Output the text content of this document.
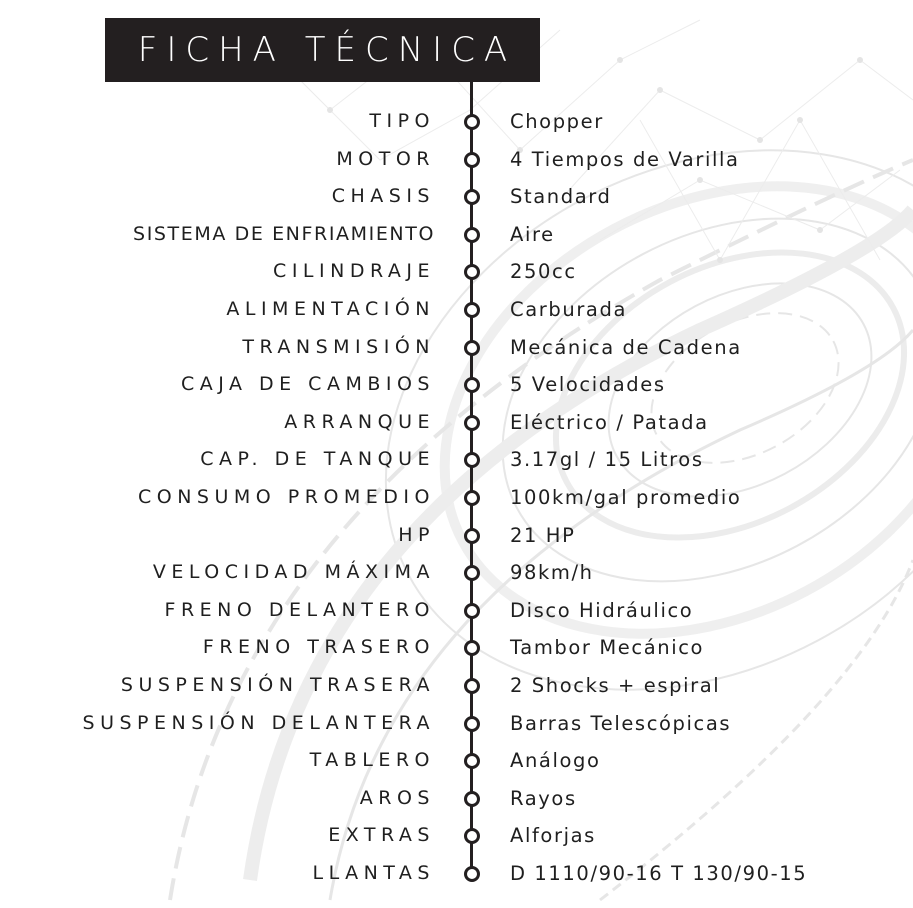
FICHA TÉCNICA
TIPO	Chopper
MOTOR	4 Tiempos de Varilla
CHASIS	Standard
SISTEMA DE ENFRIAMIENTO	Aire
CILINDRAJE	250cc
ALIMENTACIÓN	Carburada
TRANSMISIÓN	Mecánica de Cadena
CAJA DE CAMBIOS	5 Velocidades
ARRANQUE	Eléctrico / Patada
CAP. DE TANQUE	3.17gl / 15 Litros
CONSUMO PROMEDIO	100km/gal promedio
HP	21 HP
VELOCIDAD MÁXIMA	98km/h
FRENO DELANTERO	Disco Hidráulico
FRENO TRASERO	Tambor Mecánico
SUSPENSIÓN TRASERA	2 Shocks + espiral
SUSPENSIÓN DELANTERA	Barras Telescópicas
TABLERO	Análogo
AROS	Rayos
EXTRAS	Alforjas
LLANTAS	D 1110/90-16 T 130/90-15
